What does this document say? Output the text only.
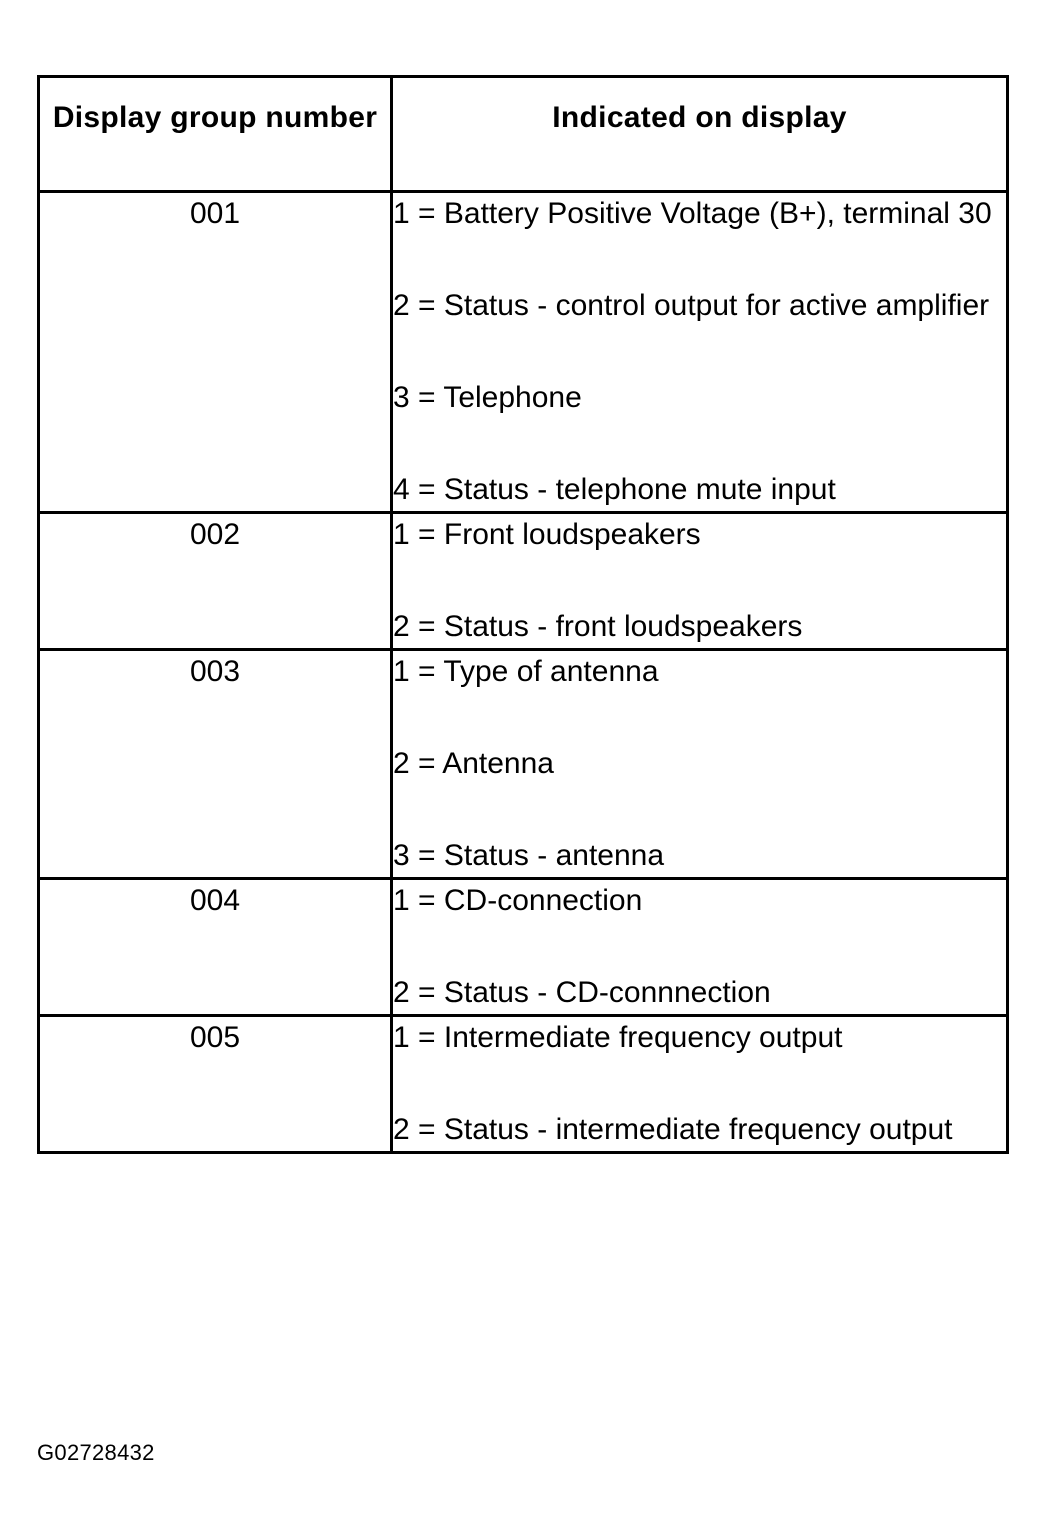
Display group number	Indicated on display
001	1 = Battery Positive Voltage (B+), terminal 30
2 = Status - control output for active amplifier
3 = Telephone
4 = Status - telephone mute input

002	1 = Front loudspeakers
2 = Status - front loudspeakers

003	1 = Type of antenna
2 = Antenna
3 = Status - antenna

004	1 = CD-connection
2 = Status - CD-connnection

005	1 = Intermediate frequency output
2 = Status - intermediate frequency output
G02728432
